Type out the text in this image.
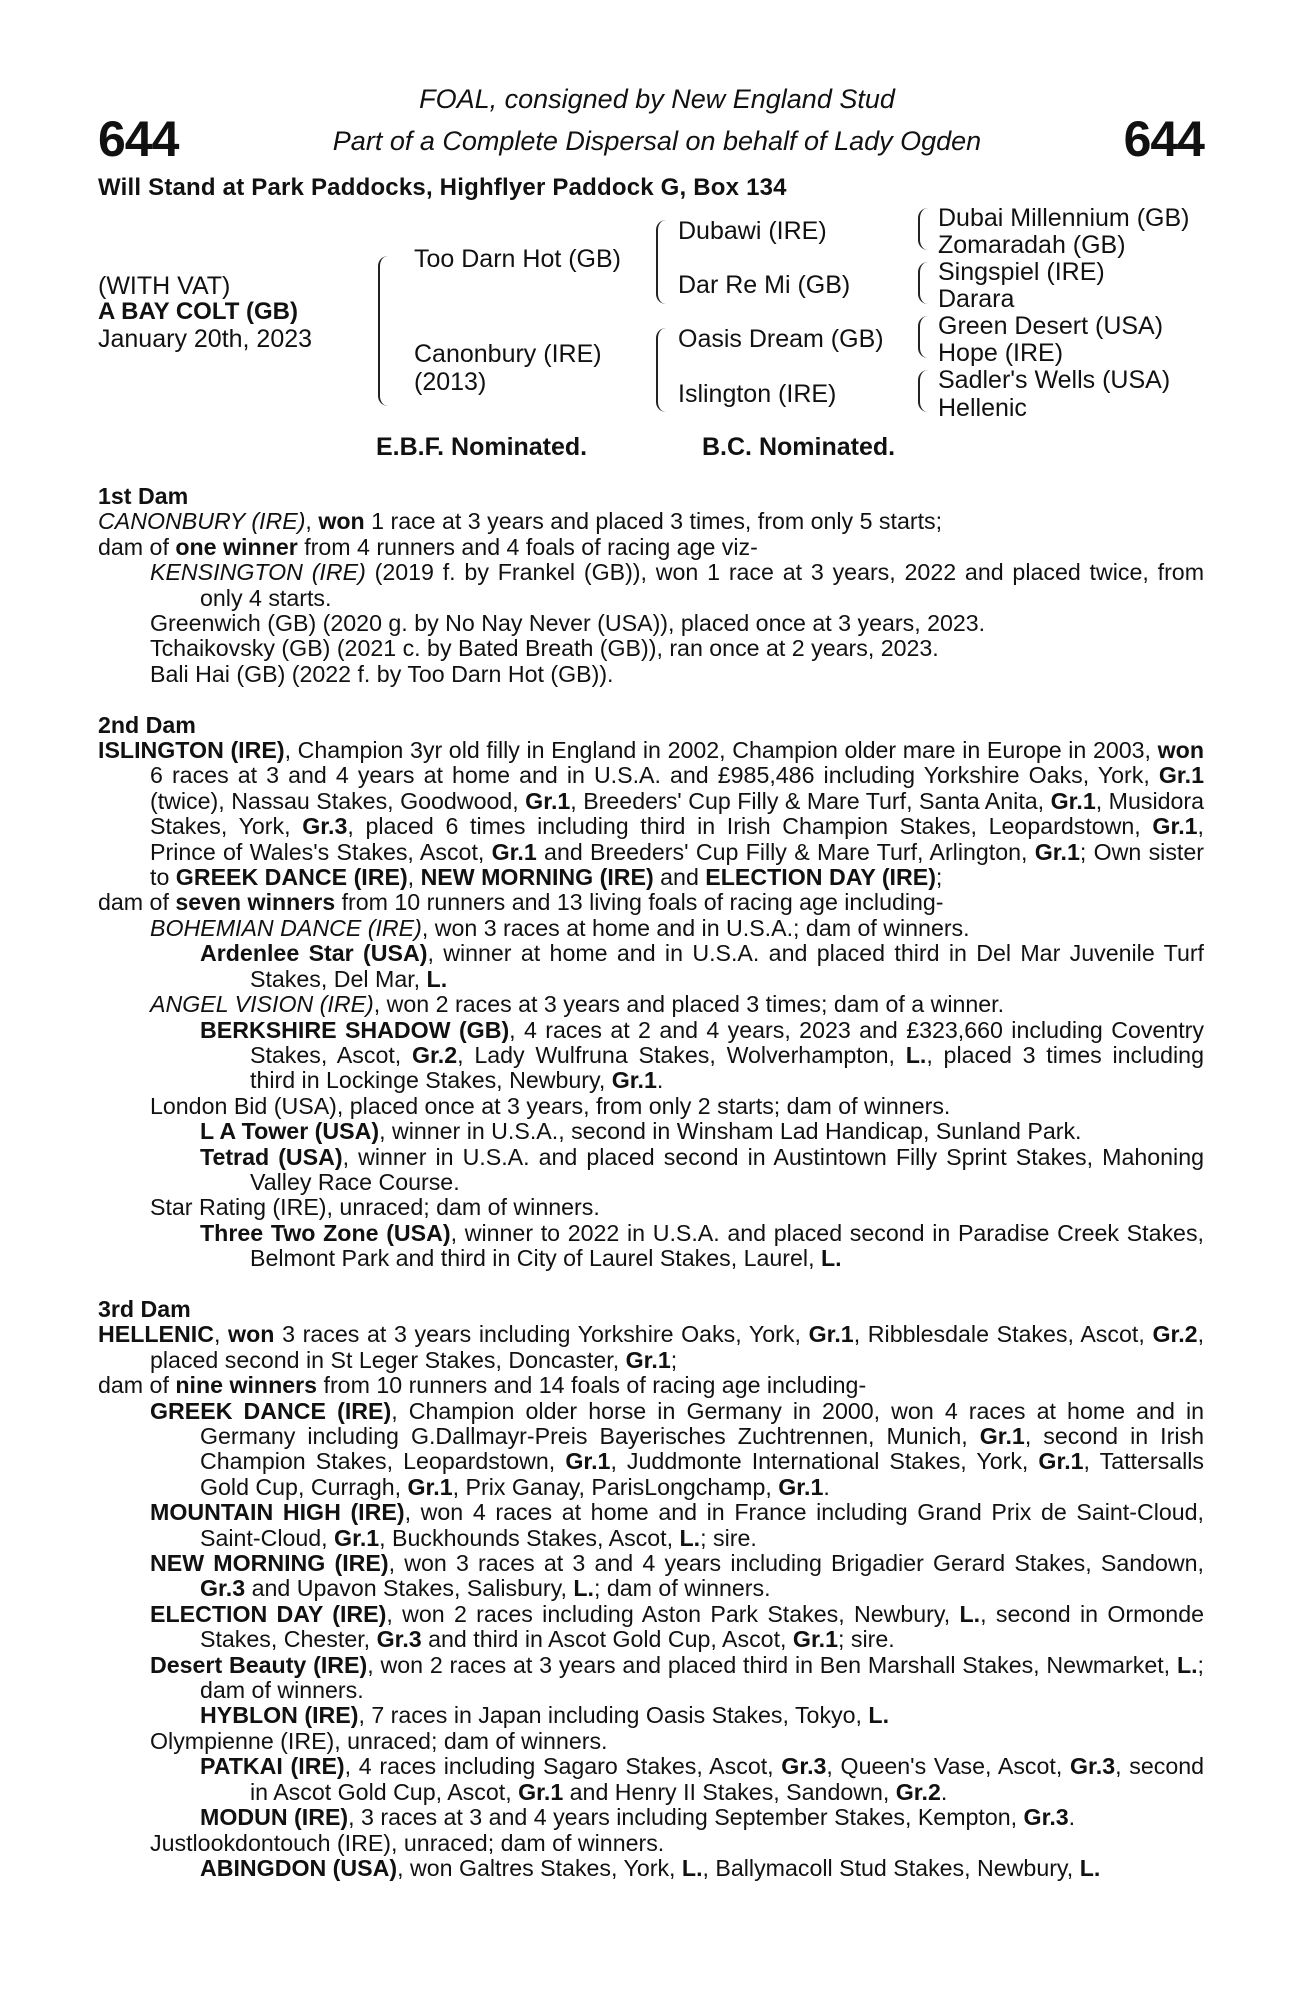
644	644
FOAL, consigned by New England Stud
Part of a Complete Dispersal on behalf of Lady Ogden
Will Stand at Park Paddocks, Highflyer Paddock G, Box 134
(WITH VAT)
A BAY COLT (GB)
January 20th, 2023
Too Darn Hot (GB)
Canonbury (IRE)
(2013)
Dubawi (IRE)
Dar Re Mi (GB)
Oasis Dream (GB)
Islington (IRE)
Dubai Millennium (GB)
Zomaradah (GB)
Singspiel (IRE)
Darara
Green Desert (USA)
Hope (IRE)
Sadler's Wells (USA)
Hellenic
E.B.F. Nominated.	B.C. Nominated.

1st Dam

CANONBURY (IRE), won 1 race at 3 years and placed 3 times, from only 5 starts;

dam of one winner from 4 runners and 4 foals of racing age viz-

KENSINGTON (IRE) (2019 f. by Frankel (GB)), won 1 race at 3 years, 2022 and placed twice, from only 4 starts.

Greenwich (GB) (2020 g. by No Nay Never (USA)), placed once at 3 years, 2023.

Tchaikovsky (GB) (2021 c. by Bated Breath (GB)), ran once at 2 years, 2023.

Bali Hai (GB) (2022 f. by Too Darn Hot (GB)).

2nd Dam

ISLINGTON (IRE), Champion 3yr old filly in England in 2002, Champion older mare in Europe in 2003, won 6 races at 3 and 4 years at home and in U.S.A. and £985,486 including Yorkshire Oaks, York, Gr.1 (twice), Nassau Stakes, Goodwood, Gr.1, Breeders' Cup Filly & Mare Turf, Santa Anita, Gr.1, Musidora Stakes, York, Gr.3, placed 6 times including third in Irish Champion Stakes, Leopardstown, Gr.1, Prince of Wales's Stakes, Ascot, Gr.1 and Breeders' Cup Filly & Mare Turf, Arlington, Gr.1; Own sister to GREEK DANCE (IRE), NEW MORNING (IRE) and ELECTION DAY (IRE);

dam of seven winners from 10 runners and 13 living foals of racing age including-

BOHEMIAN DANCE (IRE), won 3 races at home and in U.S.A.; dam of winners.

Ardenlee Star (USA), winner at home and in U.S.A. and placed third in Del Mar Juvenile Turf Stakes, Del Mar, L.

ANGEL VISION (IRE), won 2 races at 3 years and placed 3 times; dam of a winner.

BERKSHIRE SHADOW (GB), 4 races at 2 and 4 years, 2023 and £323,660 including Coventry Stakes, Ascot, Gr.2, Lady Wulfruna Stakes, Wolverhampton, L., placed 3 times including third in Lockinge Stakes, Newbury, Gr.1.

London Bid (USA), placed once at 3 years, from only 2 starts; dam of winners.

L A Tower (USA), winner in U.S.A., second in Winsham Lad Handicap, Sunland Park.

Tetrad (USA), winner in U.S.A. and placed second in Austintown Filly Sprint Stakes, Mahoning Valley Race Course.

Star Rating (IRE), unraced; dam of winners.

Three Two Zone (USA), winner to 2022 in U.S.A. and placed second in Paradise Creek Stakes, Belmont Park and third in City of Laurel Stakes, Laurel, L.

3rd Dam

HELLENIC, won 3 races at 3 years including Yorkshire Oaks, York, Gr.1, Ribblesdale Stakes, Ascot, Gr.2, placed second in St Leger Stakes, Doncaster, Gr.1;

dam of nine winners from 10 runners and 14 foals of racing age including-

GREEK DANCE (IRE), Champion older horse in Germany in 2000, won 4 races at home and in Germany including G.Dallmayr-Preis Bayerisches Zuchtrennen, Munich, Gr.1, second in Irish Champion Stakes, Leopardstown, Gr.1, Juddmonte International Stakes, York, Gr.1, Tattersalls Gold Cup, Curragh, Gr.1, Prix Ganay, ParisLongchamp, Gr.1.

MOUNTAIN HIGH (IRE), won 4 races at home and in France including Grand Prix de Saint-Cloud, Saint-Cloud, Gr.1, Buckhounds Stakes, Ascot, L.; sire.

NEW MORNING (IRE), won 3 races at 3 and 4 years including Brigadier Gerard Stakes, Sandown, Gr.3 and Upavon Stakes, Salisbury, L.; dam of winners.

ELECTION DAY (IRE), won 2 races including Aston Park Stakes, Newbury, L., second in Ormonde Stakes, Chester, Gr.3 and third in Ascot Gold Cup, Ascot, Gr.1; sire.

Desert Beauty (IRE), won 2 races at 3 years and placed third in Ben Marshall Stakes, Newmarket, L.; dam of winners.

HYBLON (IRE), 7 races in Japan including Oasis Stakes, Tokyo, L.

Olympienne (IRE), unraced; dam of winners.

PATKAI (IRE), 4 races including Sagaro Stakes, Ascot, Gr.3, Queen's Vase, Ascot, Gr.3, second in Ascot Gold Cup, Ascot, Gr.1 and Henry II Stakes, Sandown, Gr.2.

MODUN (IRE), 3 races at 3 and 4 years including September Stakes, Kempton, Gr.3.

Justlookdontouch (IRE), unraced; dam of winners.

ABINGDON (USA), won Galtres Stakes, York, L., Ballymacoll Stud Stakes, Newbury, L.
